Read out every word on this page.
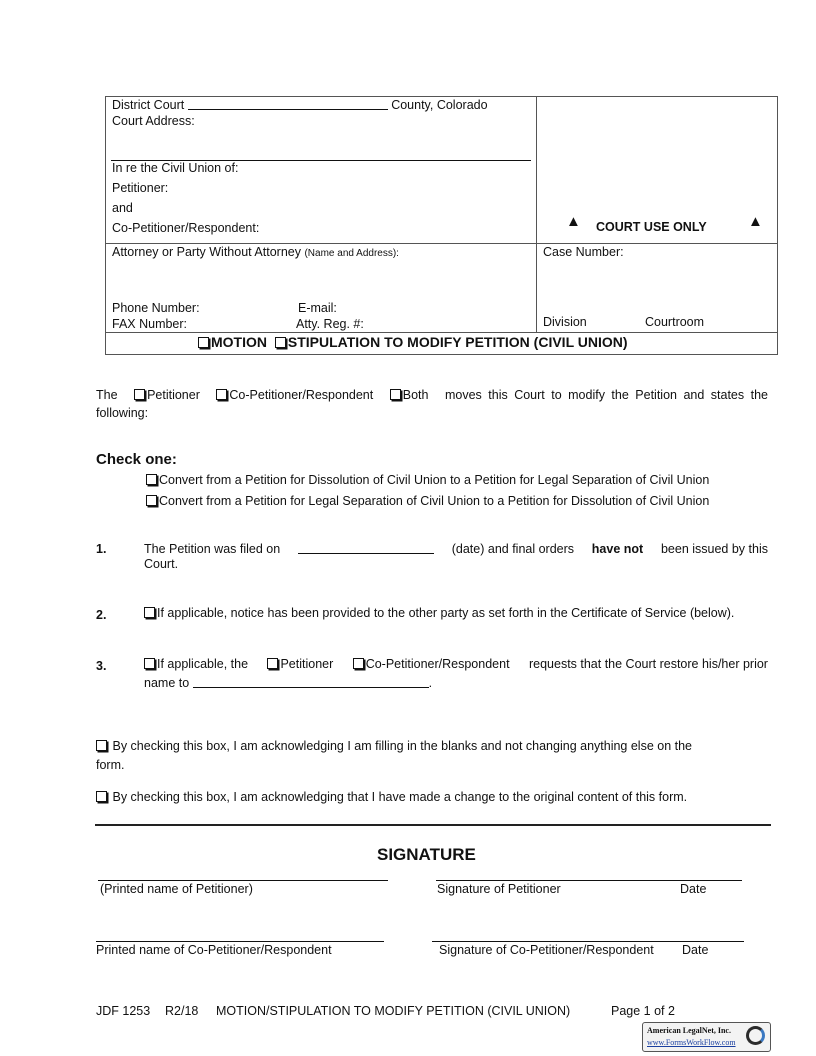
District Court	County, Colorado
Court Address:
In re the Civil Union of:
Petitioner:
and
Co-Petitioner/Respondent:	▲ COURT USE ONLY	▲
Attorney or Party Without Attorney (Name and Address):
Phone Number:	E-mail:
FAX Number:	Atty. Reg. #:
Case Number:
Division	Courtroom
MOTION STIPULATION TO MODIFY PETITION (CIVIL UNION)
The	Petitioner	Co-Petitioner/Respondent	Both moves this Court to modify the Petition and states the
following:
Check one:
Convert from a Petition for Dissolution of Civil Union to a Petition for Legal Separation of Civil Union
Convert from a Petition for Legal Separation of Civil Union to a Petition for Dissolution of Civil Union
1.	The Petition was filed on	(date) and final orders have not been issued by this
Court.
2.	If applicable, notice has been provided to the other party as set forth in the Certificate of Service (below).
3.	If applicable, the	Petitioner	Co-Petitioner/Respondent requests that the Court restore his/her prior
name to	.
By checking this box, I am acknowledging I am filling in the blanks and not changing anything else on the
form.
By checking this box, I am acknowledging that I have made a change to the original content of this form.
SIGNATURE
(Printed name of Petitioner)	Signature of Petitioner	Date
Printed name of Co-Petitioner/Respondent	Signature of Co-Petitioner/Respondent Date
JDF 1253 R2/18 MOTION/STIPULATION TO MODIFY PETITION (CIVIL UNION)	Page 1 of 2
American LegalNet, Inc.
www.FormsWorkFlow.com
